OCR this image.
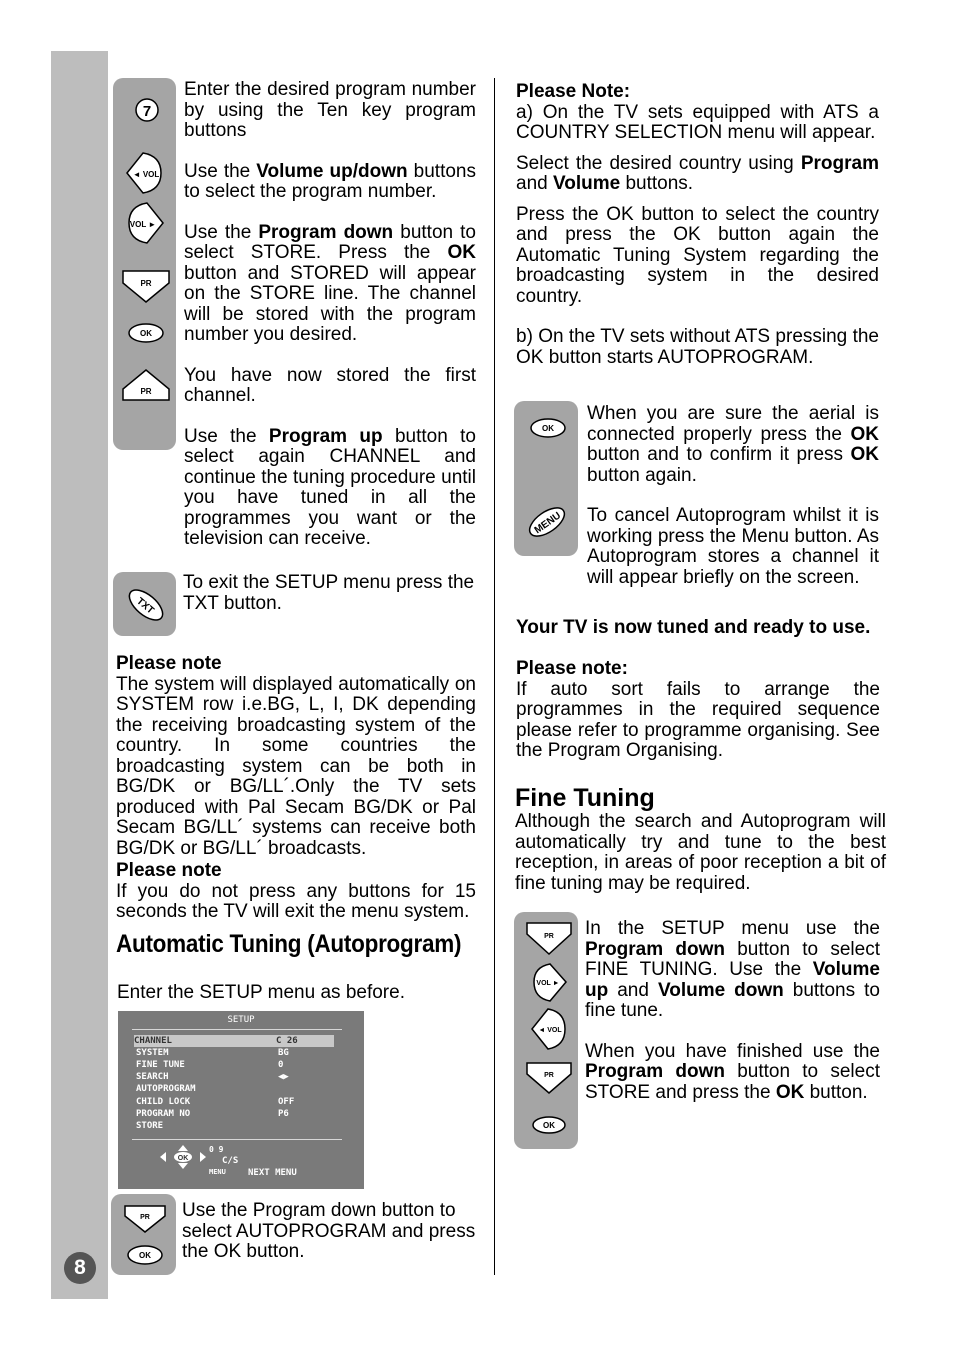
8
7
◄ VOL
VOL ►
PR
OK
PR

Enter the desired program number by using the Ten key program buttons

Use the Volume up/down buttons to select the program number.

Use the Program down button to select STORE. Press the OK button and STORED will appear on the STORE line. The channel will be stored with the program number you desired.

You have now stored the first channel.

Use the Program up button to select again CHANNEL and continue the tuning procedure until you have tuned in all the programmes you want or the television can receive.

TXT
To exit the SETUP menu press the TXT button.
Please note
The system will displayed automatically on SYSTEM row i.e.BG, L, I, DK depending the receiving broadcasting system of the country. In some countries the broadcasting system can be both in BG/DK or BG/LL´.Only the TV sets produced with Pal Secam BG/DK or Pal Secam BG/LL´ systems can receive both BG/DK or BG/LL´ broadcasts.
Please note
If you do not press any buttons for 15 seconds the TV will exit the menu system.
Automatic Tuning (Autoprogram)
Enter the SETUP menu as before.
SETUP
CHANNEL	C 26
SYSTEM	BG
FINE TUNE	0
SEARCH	◀▶
AUTOPROGRAM
CHILD LOCK	OFF
PROGRAM NO	P6
STORE
OK
0 9
C/S
MENU NEXT MENU
PR
OK
Use the Program down button to select AUTOPROGRAM and press the OK button.
Please Note:

a) On the TV sets equipped with ATS a COUNTRY SELECTION menu will appear.

Select the desired country using Program and Volume buttons.

Press the OK button to select the country and press the OK button again the Automatic Tuning System regarding the broadcasting system in the desired country.

b) On the TV sets without ATS pressing the OK button starts AUTOPROGRAM.

OK
MENU

When you are sure the aerial is connected properly press the OK button and to confirm it press OK button again.

To cancel Autoprogram whilst it is working press the Menu button. As Autoprogram stores a channel it will appear briefly on the screen.

Your TV is now tuned and ready to use.
Please note:
If auto sort fails to arrange the programmes in the required sequence please refer to programme organising. See the Program Organising.
Fine Tuning
Although the search and Autoprogram will automatically try and tune to the best reception, in areas of poor reception a bit of fine tuning may be required.
PR
VOL ►
◄ VOL
PR
OK

In the SETUP menu use the Program down button to select FINE TUNING. Use the Volume up and Volume down buttons to fine tune.

When you have finished use the Program down button to select STORE and press the OK button.
